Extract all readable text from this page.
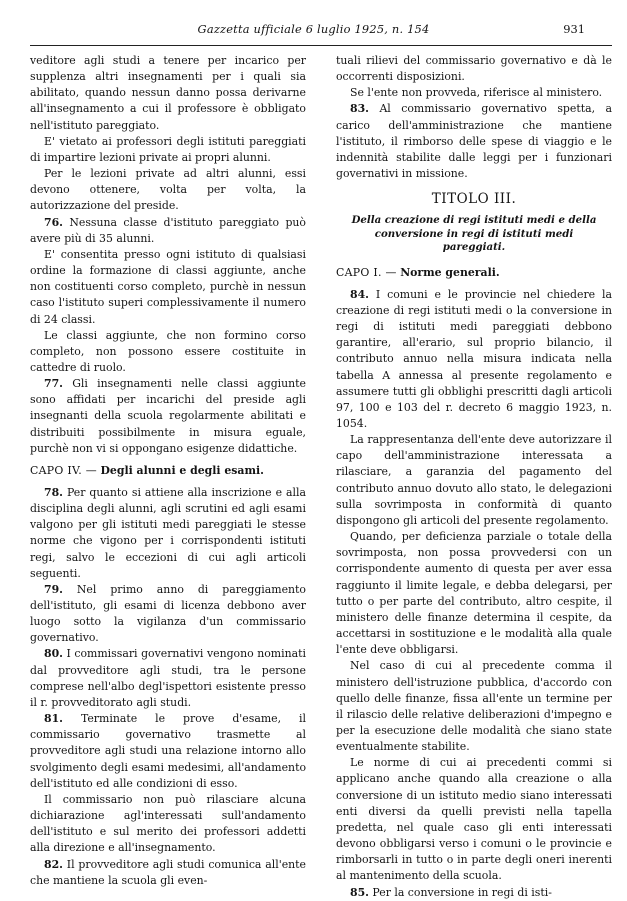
Gazzetta ufficiale 6 luglio 1925, n. 154	931

veditore agli studi a tenere per incarico per supplenza altri insegnamenti per i quali sia abilitato, quando nessun danno possa derivarne all'insegnamento a cui il professore è obbligato nell'istituto pareggiato.

E' vietato ai professori degli istituti pareggiati di impartire lezioni private ai propri alunni.

Per le lezioni private ad altri alunni, essi devono ottenere, volta per volta, la autorizzazione del preside.

76. Nessuna classe d'istituto pareggiato può avere più di 35 alunni.

E' consentita presso ogni istituto di qualsiasi ordine la formazione di classi aggiunte, anche non costituenti corso completo, purchè in nessun caso l'istituto superi complessivamente il numero di 24 classi.

Le classi aggiunte, che non formino corso completo, non possono essere costituite in cattedre di ruolo.

77. Gli insegnamenti nelle classi aggiunte sono affidati per incarichi del preside agli insegnanti della scuola regolarmente abilitati e distribuiti possibilmente in misura eguale, purchè non vi si oppongano esigenze didattiche.

CAPO IV. — Degli alunni e degli esami.

78. Per quanto si attiene alla inscrizione e alla disciplina degli alunni, agli scrutini ed agli esami valgono per gli istituti medi pareggiati le stesse norme che vigono per i corrispondenti istituti regi, salvo le eccezioni di cui agli articoli seguenti.

79. Nel primo anno di pareggiamento dell'istituto, gli esami di licenza debbono aver luogo sotto la vigilanza d'un commissario governativo.

80. I commissari governativi vengono nominati dal provveditore agli studi, tra le persone comprese nell'albo degl'ispettori esistente presso il r. provveditorato agli studi.

81. Terminate le prove d'esame, il commissario governativo trasmette al provveditore agli studi una relazione intorno allo svolgimento degli esami medesimi, all'andamento dell'istituto ed alle condizioni di esso.

Il commissario non può rilasciare alcuna dichiarazione agl'interessati sull'andamento dell'istituto e sul merito dei professori addetti alla direzione e all'insegnamento.

82. Il provveditore agli studi comunica all'ente che mantiene la scuola gli even-

tuali rilievi del commissario governativo e dà le occorrenti disposizioni.

Se l'ente non provveda, riferisce al ministero.

83. Al commissario governativo spetta, a carico dell'amministrazione che mantiene l'istituto, il rimborso delle spese di viaggio e le indennità stabilite dalle leggi per i funzionari governativi in missione.

TITOLO III.
Della creazione di regi istituti medi e della conversione in regi di istituti medi pareggiati.
CAPO I. — Norme generali.

84. I comuni e le provincie nel chiedere la creazione di regi istituti medi o la conversione in regi di istituti medi pareggiati debbono garantire, all'erario, sul proprio bilancio, il contributo annuo nella misura indicata nella tabella A annessa al presente regolamento e assumere tutti gli obblighi prescritti dagli articoli 97, 100 e 103 del r. decreto 6 maggio 1923, n. 1054.

La rappresentanza dell'ente deve autorizzare il capo dell'amministrazione interessata a rilasciare, a garanzia del pagamento del contributo annuo dovuto allo stato, le delegazioni sulla sovrimposta in conformità di quanto dispongono gli articoli del presente regolamento.

Quando, per deficienza parziale o totale della sovrimposta, non possa provvedersi con un corrispondente aumento di questa per aver essa raggiunto il limite legale, e debba delegarsi, per tutto o per parte del contributo, altro cespite, il ministero delle finanze determina il cespite, da accettarsi in sostituzione e le modalità alla quale l'ente deve obbligarsi.

Nel caso di cui al precedente comma il ministero dell'istruzione pubblica, d'accordo con quello delle finanze, fissa all'ente un termine per il rilascio delle relative deliberazioni d'impegno e per la esecuzione delle modalità che siano state eventualmente stabilite.

Le norme di cui ai precedenti commi si applicano anche quando alla creazione o alla conversione di un istituto medio siano interessati enti diversi da quelli previsti nella tapella predetta, nel quale caso gli enti interessati devono obbligarsi verso i comuni o le provincie e rimborsarli in tutto o in parte degli oneri inerenti al mantenimento della scuola.

85. Per la conversione in regi di isti-
